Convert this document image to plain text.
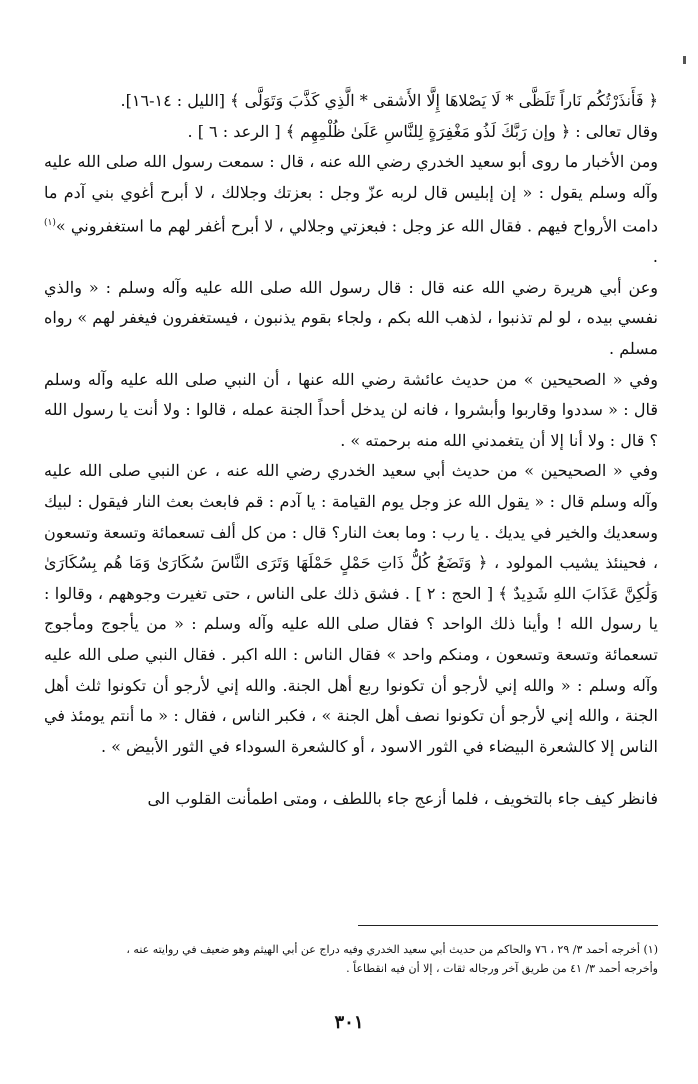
﴿ فَأَنذَرْتُكُم نَاراً تَلَظَّى * لَا يَصْلاهَا إِلَّا الأَشقى * الَّذِي كَذَّبَ وَتَوَلَّى ﴾ [الليل : ١٤-١٦].

وقال تعالى : ﴿ وإن رَبَّكَ لَذُو مَغْفِرَةٍ لِلنَّاسِ عَلَىٰ ظُلْمِهِم ﴾ [ الرعد : ٦ ] .

ومن الأخبار ما روى أبو سعيد الخدري رضي الله عنه ، قال : سمعت رسول الله صلى الله عليه وآله وسلم يقول : « إن إبليس قال لربه عزّ وجل : بعزتك وجلالك ، لا أبرح أغوي بني آدم ما دامت الأرواح فيهم . فقال الله عز وجل : فبعزتي وجلالي ، لا أبرح أغفر لهم ما استغفروني »$^{(١)}$ .

وعن أبي هريرة رضي الله عنه قال : قال رسول الله صلى الله عليه وآله وسلم : « والذي نفسي بيده ، لو لم تذنبوا ، لذهب الله بكم ، ولجاء بقوم يذنبون ، فيستغفرون فيغفر لهم » رواه مسلم .

وفي « الصحيحين » من حديث عائشة رضي الله عنها ، أن النبي صلى الله عليه وآله وسلم قال : « سددوا وقاربوا وأبشروا ، فانه لن يدخل أحداً الجنة عمله ، قالوا : ولا أنت يا رسول الله ؟ قال : ولا أنا إلا أن يتغمدني الله منه برحمته » .

وفي « الصحيحين » من حديث أبي سعيد الخدري رضي الله عنه ، عن النبي صلى الله عليه وآله وسلم قال : « يقول الله عز وجل يوم القيامة : يا آدم : قم فابعث بعث النار فيقول : لبيك وسعديك والخير في يديك . يا رب : وما بعث النار؟ قال : من كل ألف تسعمائة وتسعة وتسعون ، فحينئذ يشيب المولود ، ﴿ وَتَضَعُ كُلُّ ذَاتِ حَمْلٍ حَمْلَهَا وَتَرَى النَّاسَ سُكَارَىٰ وَمَا هُم بِسُكَارَىٰ وَلَٰكِنَّ عَذَابَ اللهِ شَدِيدٌ ﴾ [ الحج : ٢ ] . فشق ذلك على الناس ، حتى تغيرت وجوههم ، وقالوا : يا رسول الله ! وأينا ذلك الواحد ؟ فقال صلى الله عليه وآله وسلم : « من يأجوج ومأجوج تسعمائة وتسعة وتسعون ، ومنكم واحد » فقال الناس : الله اكبر . فقال النبي صلى الله عليه وآله وسلم : « والله إني لأرجو أن تكونوا ربع أهل الجنة. والله إني لأرجو أن تكونوا ثلث أهل الجنة ، والله إني لأرجو أن تكونوا نصف أهل الجنة » ، فكبر الناس ، فقال : « ما أنتم يومئذ في الناس إلا كالشعرة البيضاء في الثور الاسود ، أو كالشعرة السوداء في الثور الأبيض » .

فانظر كيف جاء بالتخويف ، فلما أزعج جاء باللطف ، ومتى اطمأنت القلوب الى

(١) أخرجه أحمد ٣/ ٢٩ ، ٧٦ والحاكم من حديث أبي سعيد الخدري وفيه دراج عن أبي الهيثم وهو ضعيف في روايته عنه ،

وأخرجه أحمد ٣/ ٤١ من طريق آخر ورجاله ثقات ، إلا أن فيه انقطاعاً .

٣٠١
